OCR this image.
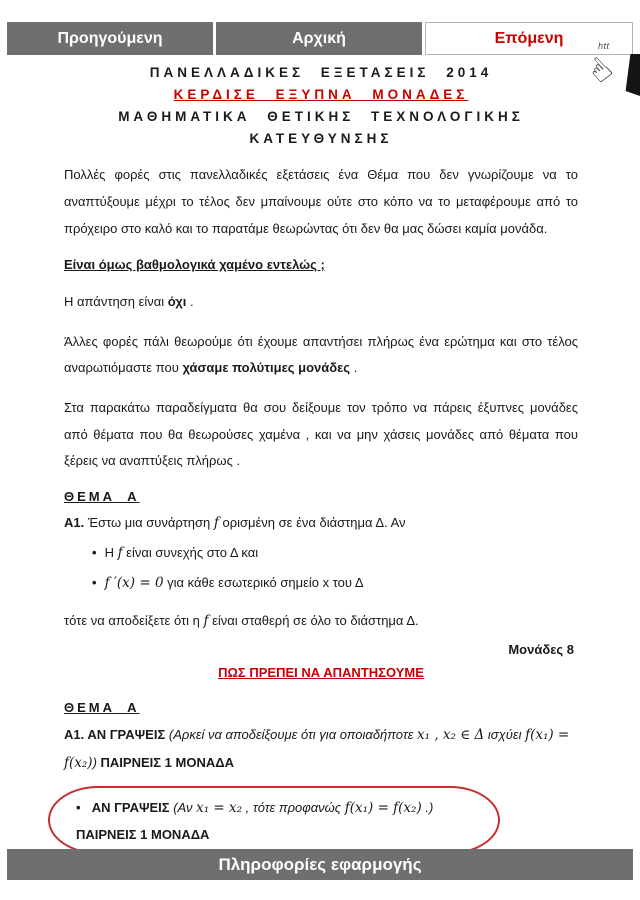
Προηγούμενη	Αρχική	Επόμενη	htt
☝
ΠΑΝΕΛΛΑΔΙΚΕΣ ΕΞΕΤΑΣΕΙΣ 2014
ΚΕΡΔΙΣΕ ΕΞΥΠΝΑ ΜΟΝΑΔΕΣ
ΜΑΘΗΜΑΤΙΚΑ ΘΕΤΙΚΗΣ ΤΕΧΝΟΛΟΓΙΚΗΣ
ΚΑΤΕΥΘΥΝΣΗΣ

Πολλές φορές στις πανελλαδικές εξετάσεις ένα Θέμα που δεν γνωρίζουμε να το αναπτύξουμε μέχρι το τέλος δεν μπαίνουμε ούτε στο κόπο να το μεταφέρουμε από το πρόχειρο στο καλό και το παρατάμε θεωρώντας ότι δεν θα μας δώσει καμία μονάδα.

Είναι όμως βαθμολογικά χαμένο εντελώς ;

Η απάντηση είναι όχι .

Άλλες φορές πάλι θεωρούμε ότι έχουμε απαντήσει πλήρως ένα ερώτημα και στο τέλος αναρωτιόμαστε που χάσαμε πολύτιμες μονάδες .

Στα παρακάτω παραδείγματα θα σου δείξουμε τον τρόπο να πάρεις έξυπνες μονάδες από θέματα που θα θεωρούσες χαμένα , και να μην χάσεις μονάδες από θέματα που ξέρεις να αναπτύξεις πλήρως .

ΘΕΜΑ Α

Α1. Έστω μια συνάρτηση f ορισμένη σε ένα διάστημα Δ. Αν

• Η f είναι συνεχής στο Δ και

• f ′(x) = 0 για κάθε εσωτερικό σημείο x του Δ

τότε να αποδείξετε ότι η f είναι σταθερή σε όλο το διάστημα Δ.

Μονάδες 8
ΠΩΣ ΠΡΕΠΕΙ ΝΑ ΑΠΑΝΤΗΣΟΥΜΕ
ΘΕΜΑ Α

Α1. ΑΝ ΓΡΑΨΕΙΣ (Αρκεί να αποδείξουμε ότι για οποιαδήποτε x₁ , x₂ ∈ Δ ισχύει f(x₁) = f(x₂)) ΠΑΙΡΝΕΙΣ 1 ΜΟΝΑΔΑ

• ΑΝ ΓΡΑΨΕΙΣ (Αν x₁ = x₂ , τότε προφανώς f(x₁) = f(x₂) .)

ΠΑΙΡΝΕΙΣ 1 ΜΟΝΑΔΑ

Πληροφορίες εφαρμογής
